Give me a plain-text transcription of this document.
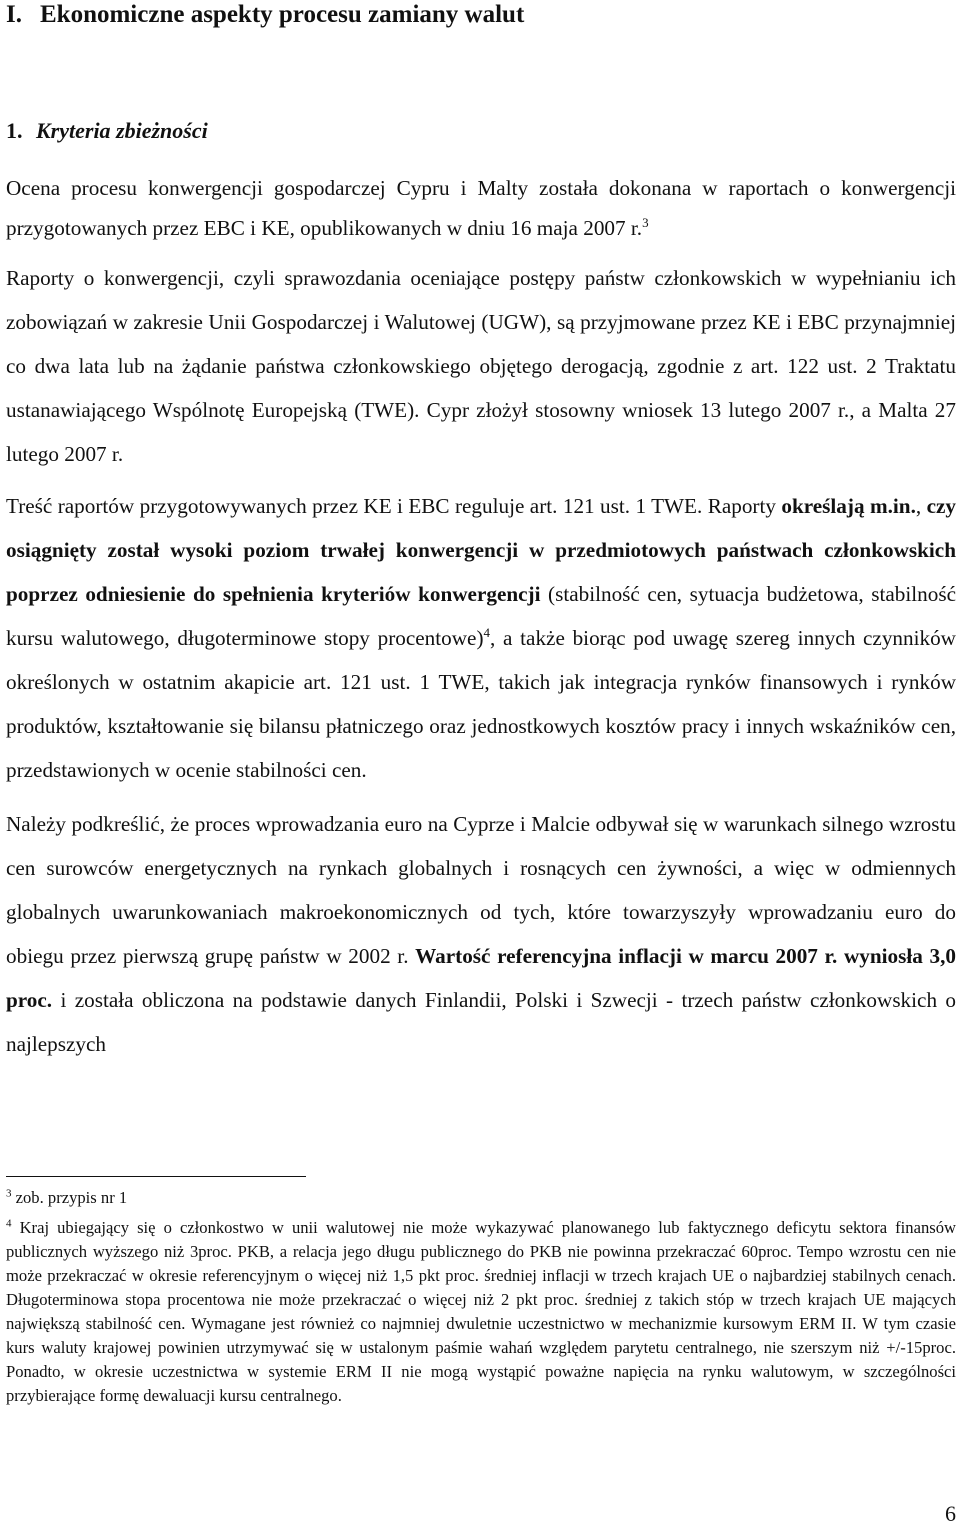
I. Ekonomiczne aspekty procesu zamiany walut
1. Kryteria zbieżności

Ocena procesu konwergencji gospodarczej Cypru i Malty została dokonana w raportach o konwergencji przygotowanych przez EBC i KE, opublikowanych w dniu 16 maja 2007 r.$^3$

Raporty o konwergencji, czyli sprawozdania oceniające postępy państw członkowskich w wypełnianiu ich zobowiązań w zakresie Unii Gospodarczej i Walutowej (UGW), są przyjmowane przez KE i EBC przynajmniej co dwa lata lub na żądanie państwa członkowskiego objętego derogacją, zgodnie z art. 122 ust. 2 Traktatu ustanawiającego Wspólnotę Europejską (TWE). Cypr złożył stosowny wniosek 13 lutego 2007 r., a Malta 27 lutego 2007 r.

Treść raportów przygotowywanych przez KE i EBC reguluje art. 121 ust. 1 TWE. Raporty określają m.in., czy osiągnięty został wysoki poziom trwałej konwergencji w przedmiotowych państwach członkowskich poprzez odniesienie do spełnienia kryteriów konwergencji (stabilność cen, sytuacja budżetowa, stabilność kursu walutowego, długoterminowe stopy procentowe)$^4$, a także biorąc pod uwagę szereg innych czynników określonych w ostatnim akapicie art. 121 ust. 1 TWE, takich jak integracja rynków finansowych i rynków produktów, kształtowanie się bilansu płatniczego oraz jednostkowych kosztów pracy i innych wskaźników cen, przedstawionych w ocenie stabilności cen.

Należy podkreślić, że proces wprowadzania euro na Cyprze i Malcie odbywał się w warunkach silnego wzrostu cen surowców energetycznych na rynkach globalnych i rosnących cen żywności, a więc w odmiennych globalnych uwarunkowaniach makroekonomicznych od tych, które towarzyszyły wprowadzaniu euro do obiegu przez pierwszą grupę państw w 2002 r. Wartość referencyjna inflacji w marcu 2007 r. wyniosła 3,0 proc. i została obliczona na podstawie danych Finlandii, Polski i Szwecji - trzech państw członkowskich o najlepszych

$^3$ zob. przypis nr 1

$^4$ Kraj ubiegający się o członkostwo w unii walutowej nie może wykazywać planowanego lub faktycznego deficytu sektora finansów publicznych wyższego niż 3proc. PKB, a relacja jego długu publicznego do PKB nie powinna przekraczać 60proc. Tempo wzrostu cen nie może przekraczać w okresie referencyjnym o więcej niż 1,5 pkt proc. średniej inflacji w trzech krajach UE o najbardziej stabilnych cenach. Długoterminowa stopa procentowa nie może przekraczać o więcej niż 2 pkt proc. średniej z takich stóp w trzech krajach UE mających największą stabilność cen. Wymagane jest również co najmniej dwuletnie uczestnictwo w mechanizmie kursowym ERM II. W tym czasie kurs waluty krajowej powinien utrzymywać się w ustalonym paśmie wahań względem parytetu centralnego, nie szerszym niż +/-15proc. Ponadto, w okresie uczestnictwa w systemie ERM II nie mogą wystąpić poważne napięcia na rynku walutowym, w szczególności przybierające formę dewaluacji kursu centralnego.

6
